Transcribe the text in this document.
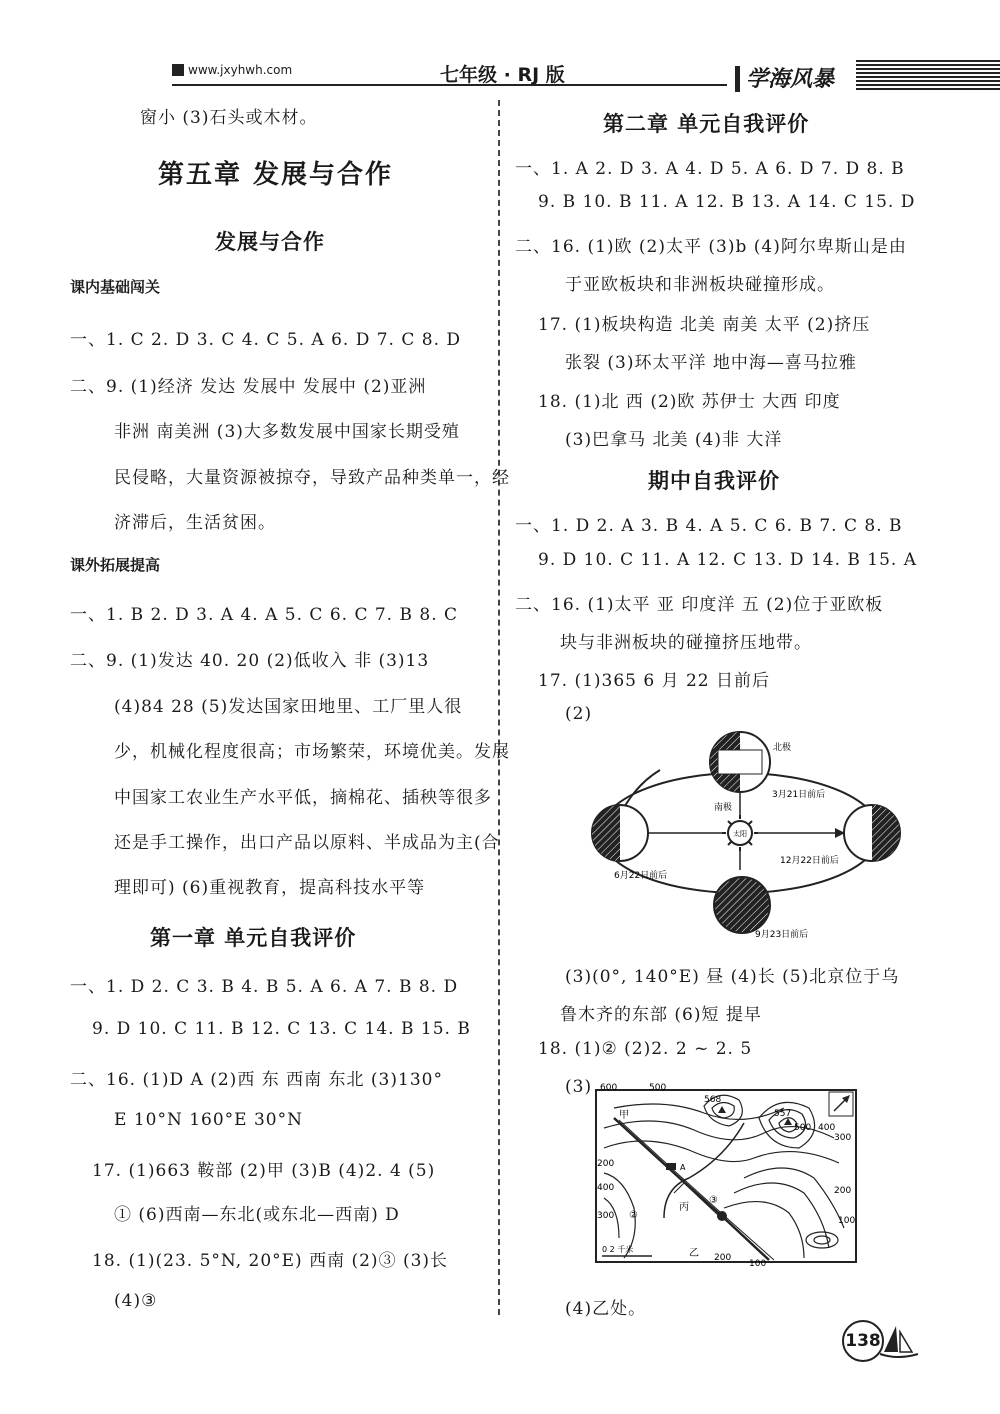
www.jxyhwh.com	七年级 · RJ 版	学海风暴
窗小 (3)石头或木材。
第五章 发展与合作
发展与合作
课内基础闯关
一、1. C 2. D 3. C 4. C 5. A 6. D 7. C 8. D
二、9. (1)经济 发达 发展中 发展中 (2)亚洲
非洲 南美洲 (3)大多数发展中国家长期受殖
民侵略，大量资源被掠夺，导致产品种类单一，经
济滞后，生活贫困。
课外拓展提高
一、1. B 2. D 3. A 4. A 5. C 6. C 7. B 8. C
二、9. (1)发达 40. 20 (2)低收入 非 (3)13
(4)84 28 (5)发达国家田地里、工厂里人很
少，机械化程度很高；市场繁荣，环境优美。发展
中国家工农业生产水平低，摘棉花、插秧等很多
还是手工操作，出口产品以原料、半成品为主(合
理即可) (6)重视教育，提高科技水平等
第一章 单元自我评价
一、1. D 2. C 3. B 4. B 5. A 6. A 7. B 8. D
9. D 10. C 11. B 12. C 13. C 14. B 15. B
二、16. (1)D A (2)西 东 西南 东北 (3)130°
E 10°N 160°E 30°N
17. (1)663 鞍部 (2)甲 (3)B (4)2. 4 (5)
① (6)西南—东北(或东北—西南) D
18. (1)(23. 5°N, 20°E) 西南 (2)③ (3)长
(4)③
第二章 单元自我评价
一、1. A 2. D 3. A 4. D 5. A 6. D 7. D 8. B
9. B 10. B 11. A 12. B 13. A 14. C 15. D
二、16. (1)欧 (2)太平 (3)b (4)阿尔卑斯山是由
于亚欧板块和非洲板块碰撞形成。
17. (1)板块构造 北美 南美 太平 (2)挤压
张裂 (3)环太平洋 地中海—喜马拉雅
18. (1)北 西 (2)欧 苏伊士 大西 印度
(3)巴拿马 北美 (4)非 大洋
期中自我评价
一、1. D 2. A 3. B 4. A 5. C 6. B 7. C 8. B
9. D 10. C 11. A 12. C 13. D 14. B 15. A
二、16. (1)太平 亚 印度洋 五 (2)位于亚欧板
块与非洲板块的碰撞挤压地带。
17. (1)365 6 月 22 日前后
(2)
太阳
北极
南极
3月21日前后
6月22日前后
12月22日前后
9月23日前后
(3)(0°, 140°E) 昼 (4)长 (5)北京位于乌
鲁木齐的东部 (6)短 提早
18. (1)② (2)2. 2 ~ 2. 5
(3) 600	500
568
557
500 400
300
200
100
200
300
400
200
100
甲
乙
丙
A
②
③
0 2 千米
(4)乙处。
138
